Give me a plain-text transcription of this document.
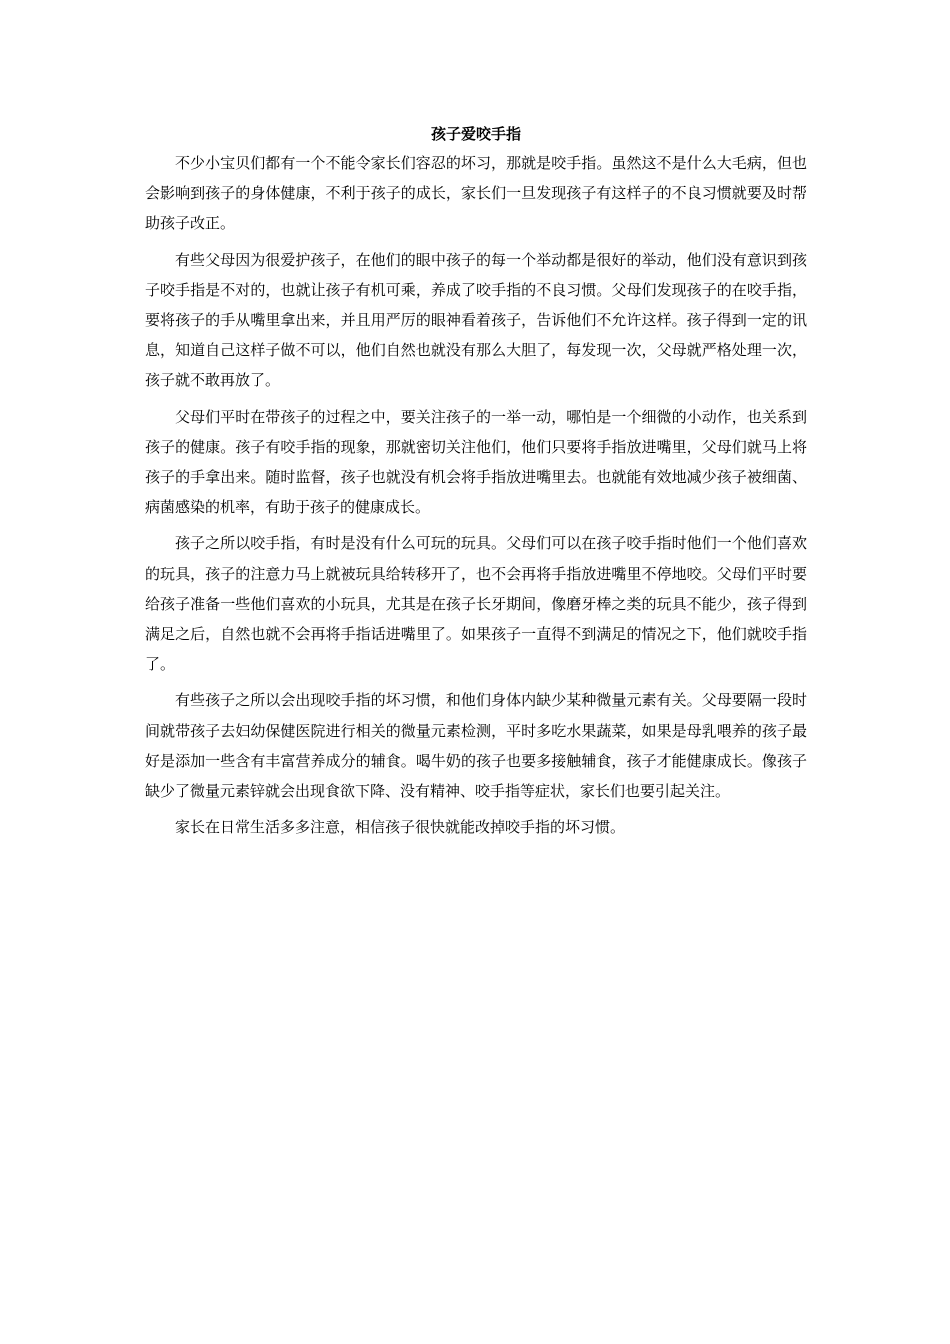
孩子爱咬手指

不少小宝贝们都有一个不能令家长们容忍的坏习，那就是咬手指。虽然这不是什么大毛病，但也会影响到孩子的身体健康，不利于孩子的成长，家长们一旦发现孩子有这样子的不良习惯就要及时帮助孩子改正。

有些父母因为很爱护孩子，在他们的眼中孩子的每一个举动都是很好的举动，他们没有意识到孩子咬手指是不对的，也就让孩子有机可乘，养成了咬手指的不良习惯。父母们发现孩子的在咬手指，要将孩子的手从嘴里拿出来，并且用严厉的眼神看着孩子，告诉他们不允许这样。孩子得到一定的讯息，知道自己这样子做不可以，他们自然也就没有那么大胆了，每发现一次，父母就严格处理一次，孩子就不敢再放了。

父母们平时在带孩子的过程之中，要关注孩子的一举一动，哪怕是一个细微的小动作，也关系到孩子的健康。孩子有咬手指的现象，那就密切关注他们，他们只要将手指放进嘴里，父母们就马上将孩子的手拿出来。随时监督，孩子也就没有机会将手指放进嘴里去。也就能有效地减少孩子被细菌、病菌感染的机率，有助于孩子的健康成长。

孩子之所以咬手指，有时是没有什么可玩的玩具。父母们可以在孩子咬手指时他们一个他们喜欢的玩具，孩子的注意力马上就被玩具给转移开了，也不会再将手指放进嘴里不停地咬。父母们平时要给孩子准备一些他们喜欢的小玩具，尤其是在孩子长牙期间，像磨牙棒之类的玩具不能少，孩子得到满足之后，自然也就不会再将手指话进嘴里了。如果孩子一直得不到满足的情况之下，他们就咬手指了。

有些孩子之所以会出现咬手指的坏习惯，和他们身体内缺少某种微量元素有关。父母要隔一段时间就带孩子去妇幼保健医院进行相关的微量元素检测，平时多吃水果蔬菜，如果是母乳喂养的孩子最好是添加一些含有丰富营养成分的辅食。喝牛奶的孩子也要多接触辅食，孩子才能健康成长。像孩子缺少了微量元素锌就会出现食欲下降、没有精神、咬手指等症状，家长们也要引起关注。

家长在日常生活多多注意，相信孩子很快就能改掉咬手指的坏习惯。
